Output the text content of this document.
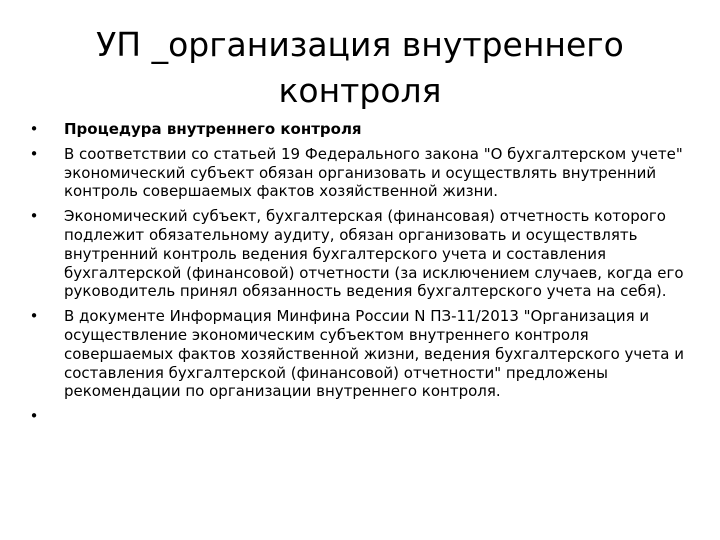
УП _организация внутреннего контроля
• Процедура внутреннего контроля
• В соответствии со статьей 19 Федерального закона "О бухгалтерском учете" экономический субъект обязан организовать и осуществлять внутренний контроль совершаемых фактов хозяйственной жизни.
• Экономический субъект, бухгалтерская (финансовая) отчетность которого подлежит обязательному аудиту, обязан организовать и осуществлять внутренний контроль ведения бухгалтерского учета и составления бухгалтерской (финансовой) отчетности (за исключением случаев, когда его руководитель принял обязанность ведения бухгалтерского учета на себя).
• В документе Информация Минфина России N ПЗ-11/2013 "Организация и осуществление экономическим субъектом внутреннего контроля совершаемых фактов хозяйственной жизни, ведения бухгалтерского учета и составления бухгалтерской (финансовой) отчетности" предложены рекомендации по организации внутреннего контроля.
•
